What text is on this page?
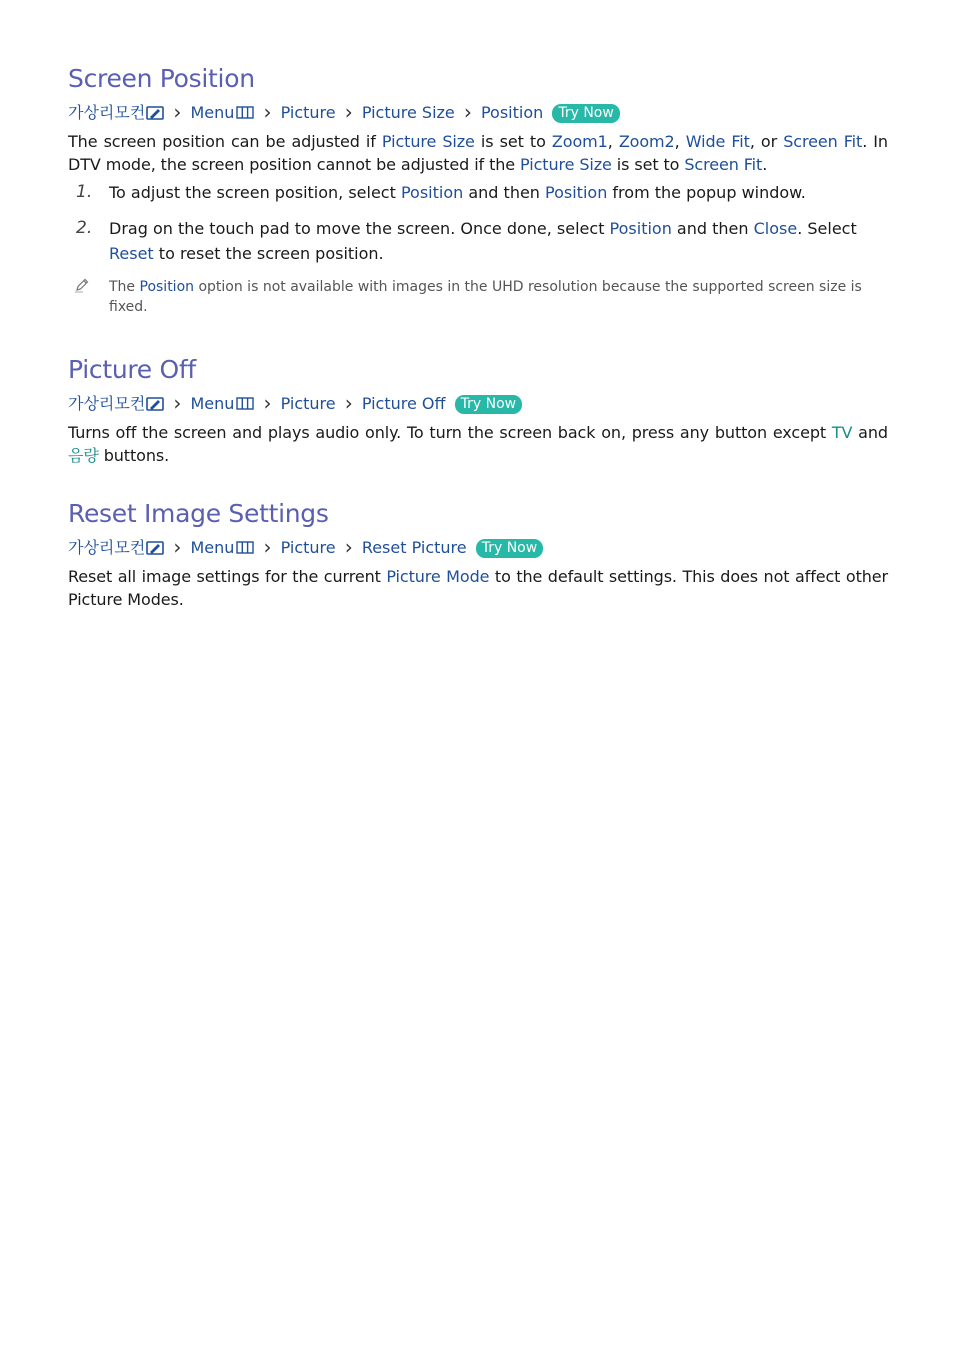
Screen Position
가상리모컨 ›	Menu ›	Picture › Picture Size › Position Try Now

The screen position can be adjusted if Picture Size is set to Zoom1, Zoom2, Wide Fit, or Screen Fit. In DTV mode, the screen position cannot be adjusted if the Picture Size is set to Screen Fit.

1. To adjust the screen position, select Position and then Position from the popup window.
2. Drag on the touch pad to move the screen. Once done, select Position and then Close. Select Reset to reset the screen position.
The Position option is not available with images in the UHD resolution because the supported screen size is fixed.
Picture Off
가상리모컨 ›	Menu ›	Picture › Picture Off Try Now

Turns off the screen and plays audio only. To turn the screen back on, press any button except TV and 음량 buttons.

Reset Image Settings
가상리모컨 ›	Menu ›	Picture › Reset Picture Try Now

Reset all image settings for the current Picture Mode to the default settings. This does not affect other Picture Modes.
